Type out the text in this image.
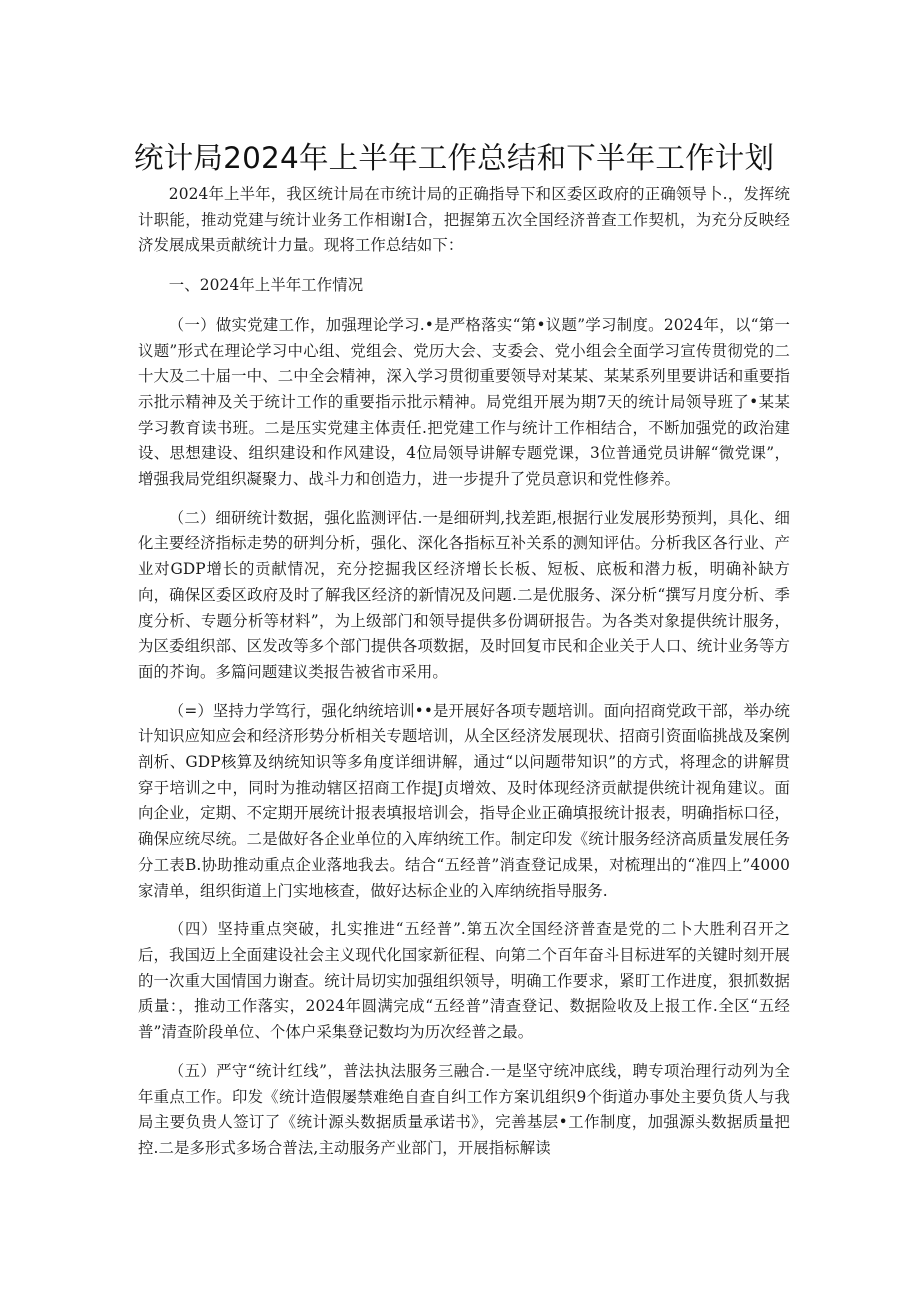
统计局2024年上半年工作总结和下半年工作计划

2024年上半年，我区统计局在市统计局的正确指导下和区委区政府的正确领导卜.，发挥统计职能，推动党建与统计业务工作相谢I合，把握第五次全国经济普查工作契机，为充分反映经济发展成果贡献统计力量。现将工作总结如下：

一、2024年上半年工作情况

（一）做实党建工作，加强理论学习.•是严格落实“第•议题”学习制度。2024年，以“第一议题”形式在理论学习中心组、党组会、党历大会、支委会、党小组会全面学习宣传贯彻党的二十大及二十届一中、二中全会精神，深入学习贯彻重要领导对某某、某某系列里要讲话和重要指示批示精神及关于统计工作的重要指示批示精神。局党组开展为期7天的统计局领导班了•某某学习教育读书班。二是压实党建主体责任.把党建工作与统计工作相结合，不断加强党的政治建设、思想建设、组织建设和作风建设，4位局领导讲解专题党课，3位普通党员讲解“微党课”，增强我局党组织凝聚力、战斗力和创造力，进一步提升了党员意识和党性修养。

（二）细研统计数据，强化监测评估.一是细研判,找差距,根据行业发展形势预判，具化、细化主要经济指标走势的研判分析，强化、深化各指标互补关系的测知评估。分析我区各行业、产业对GDP增长的贡献情况，充分挖掘我区经济增长长板、短板、底板和潜力板，明确补缺方向，确保区委区政府及时了解我区经济的新情况及问题.二是优服务、深分析“撰写月度分析、季度分析、专题分析等材料”，为上级部门和领导提供多份调研报告。为各类对象提供统计服务，为区委组织部、区发改等多个部门提供各项数据，及时回复市民和企业关于人口、统计业务等方面的芥询。多篇问题建议类报告被省市采用。

（=）坚持力学笃行，强化纳统培训••是开展好各项专题培训。面向招商党政干部，举办统计知识应知应会和经济形势分析相关专题培训，从全区经济发展现状、招商引资面临挑战及案例剖析、GDP核算及纳统知识等多角度详细讲解，通过“以问题带知识”的方式，将理念的讲解贯穿于培训之中，同时为推动辖区招商工作提J贞增效、及时体现经济贡献提供统计视角建议。面向企业，定期、不定期开展统计报表填报培训会，指导企业正确填报统计报表，明确指标口径，确保应统尽统。二是做好各企业单位的入库纳统工作。制定印发《统计服务经济高质量发展任务分工表B.协助推动重点企业落地我去。结合“五经普”消查登记成果，对梳理出的“准四上”4000家清单，组织街道上门实地核查，做好达标企业的入库纳统指导服务.

（四）坚持重点突破，扎实推进“五经普”.第五次全国经济普查是党的二卜大胜利召开之后，我国迈上全面建设社会主义现代化国家新征程、向第二个百年奋斗目标进军的关键时刻开展的一次重大国情国力谢查。统计局切实加强组织领导，明确工作要求，紧盯工作进度，狠抓数据质量：，推动工作落实，2024年圆满完成“五经普”清查登记、数据险收及上报工作.全区“五经普”清查阶段单位、个体户采集登记数均为历次经普之最。

（五）严守“统计红线”，普法执法服务三融合.一是坚守统冲底线，聘专项治理行动列为全年重点工作。印发《统计造假屡禁难绝自查自纠工作方案讥组织9个街道办事处主要负货人与我局主要负贵人签订了《统计源头数据质量承诺书》，完善基层•工作制度，加强源头数据质量把控.二是多形式多场合普法,主动服务产业部门，开展指标解读
